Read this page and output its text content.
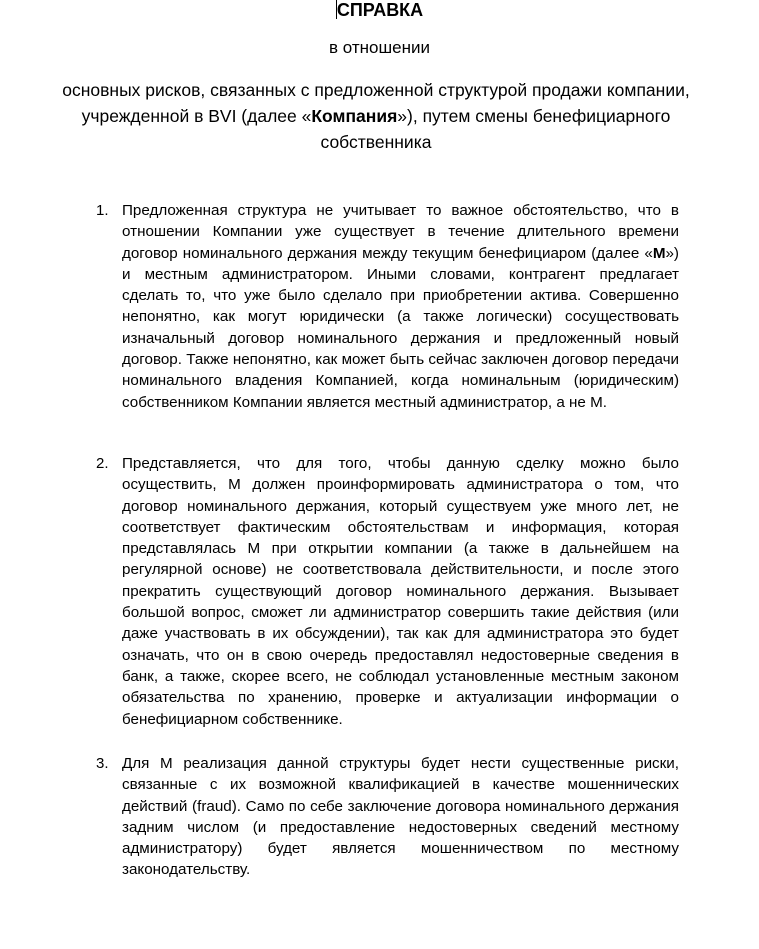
СПРАВКА
в отношении
основных рисков, связанных с предложенной структурой продажи компании, учрежденной в BVI (далее «Компания»), путем смены бенефициарного собственника
1. Предложенная структура не учитывает то важное обстоятельство, что в отношении Компании уже существует в течение длительного времени договор номинального держания между текущим бенефициаром (далее «М») и местным администратором. Иными словами, контрагент предлагает сделать то, что уже было сделало при приобретении актива. Совершенно непонятно, как могут юридически (а также логически) сосуществовать изначальный договор номинального держания и предложенный новый договор. Также непонятно, как может быть сейчас заключен договор передачи номинального владения Компанией, когда номинальным (юридическим) собственником Компании является местный администратор, а не М.
2. Представляется, что для того, чтобы данную сделку можно было осуществить, М должен проинформировать администратора о том, что договор номинального держания, который существуем уже много лет, не соответствует фактическим обстоятельствам и информация, которая представлялась М при открытии компании (а также в дальнейшем на регулярной основе) не соответствовала действительности, и после этого прекратить существующий договор номинального держания. Вызывает большой вопрос, сможет ли администратор совершить такие действия (или даже участвовать в их обсуждении), так как для администратора это будет означать, что он в свою очередь предоставлял недостоверные сведения в банк, а также, скорее всего, не соблюдал установленные местным законом обязательства по хранению, проверке и актуализации информации о бенефициарном собственнике.
3. Для М реализация данной структуры будет нести существенные риски, связанные с их возможной квалификацией в качестве мошеннических действий (fraud). Само по себе заключение договора номинального держания задним числом (и предоставление недостоверных сведений местному администратору) будет является мошенничеством по местному законодательству.
